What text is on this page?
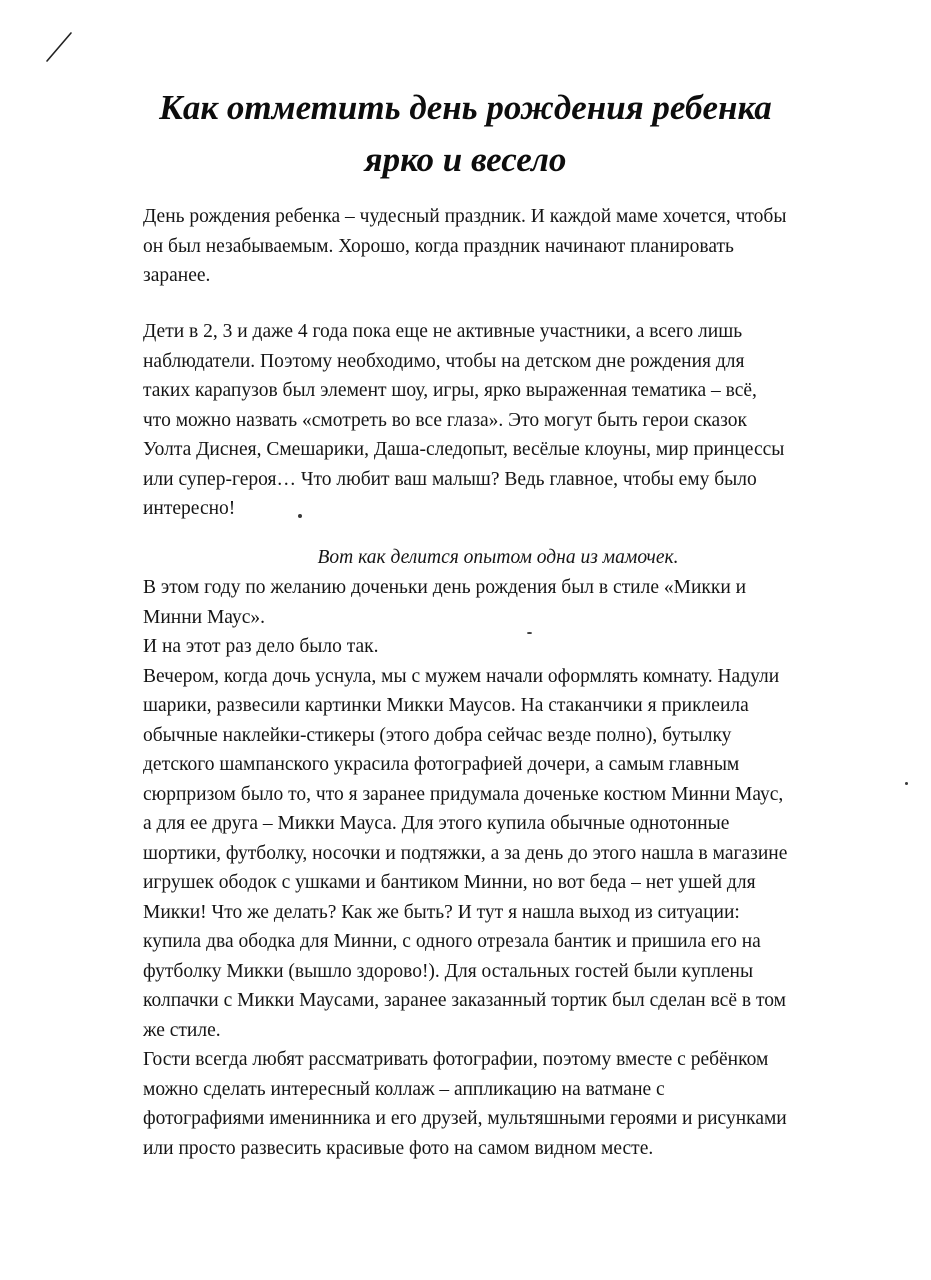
Как отметить день рождения ребенка
ярко и весело

День рождения ребенка – чудесный праздник. И каждой маме хочется, чтобы
он был незабываемым. Хорошо, когда праздник начинают планировать
заранее.

Дети в 2, 3 и даже 4 года пока еще не активные участники, а всего лишь
наблюдатели. Поэтому необходимо, чтобы на детском дне рождения для
таких карапузов был элемент шоу, игры, ярко выраженная тематика – всё,
что можно назвать «смотреть во все глаза». Это могут быть герои сказок
Уолта Диснея, Смешарики, Даша-следопыт, весёлые клоуны, мир принцессы
или супер-героя… Что любит ваш малыш? Ведь главное, чтобы ему было
интересно!

Вот как делится опытом одна из мамочек.

В этом году по желанию доченьки день рождения был в стиле «Микки и
Минни Маус».
И на этот раз дело было так.
Вечером, когда дочь уснула, мы с мужем начали оформлять комнату. Надули
шарики, развесили картинки Микки Маусов. На стаканчики я приклеила
обычные наклейки-стикеры (этого добра сейчас везде полно), бутылку
детского шампанского украсила фотографией дочери, а самым главным
сюрпризом было то, что я заранее придумала доченьке костюм Минни Маус,
а для ее друга – Микки Мауса. Для этого купила обычные однотонные
шортики, футболку, носочки и подтяжки, а за день до этого нашла в магазине
игрушек ободок с ушками и бантиком Минни, но вот беда – нет ушей для
Микки! Что же делать? Как же быть? И тут я нашла выход из ситуации:
купила два ободка для Минни, с одного отрезала бантик и пришила его на
футболку Микки (вышло здорово!). Для остальных гостей были куплены
колпачки с Микки Маусами, заранее заказанный тортик был сделан всё в том
же стиле.
Гости всегда любят рассматривать фотографии, поэтому вместе с ребёнком
можно сделать интересный коллаж – аппликацию на ватмане с
фотографиями именинника и его друзей, мультяшными героями и рисунками
или просто развесить красивые фото на самом видном месте.
